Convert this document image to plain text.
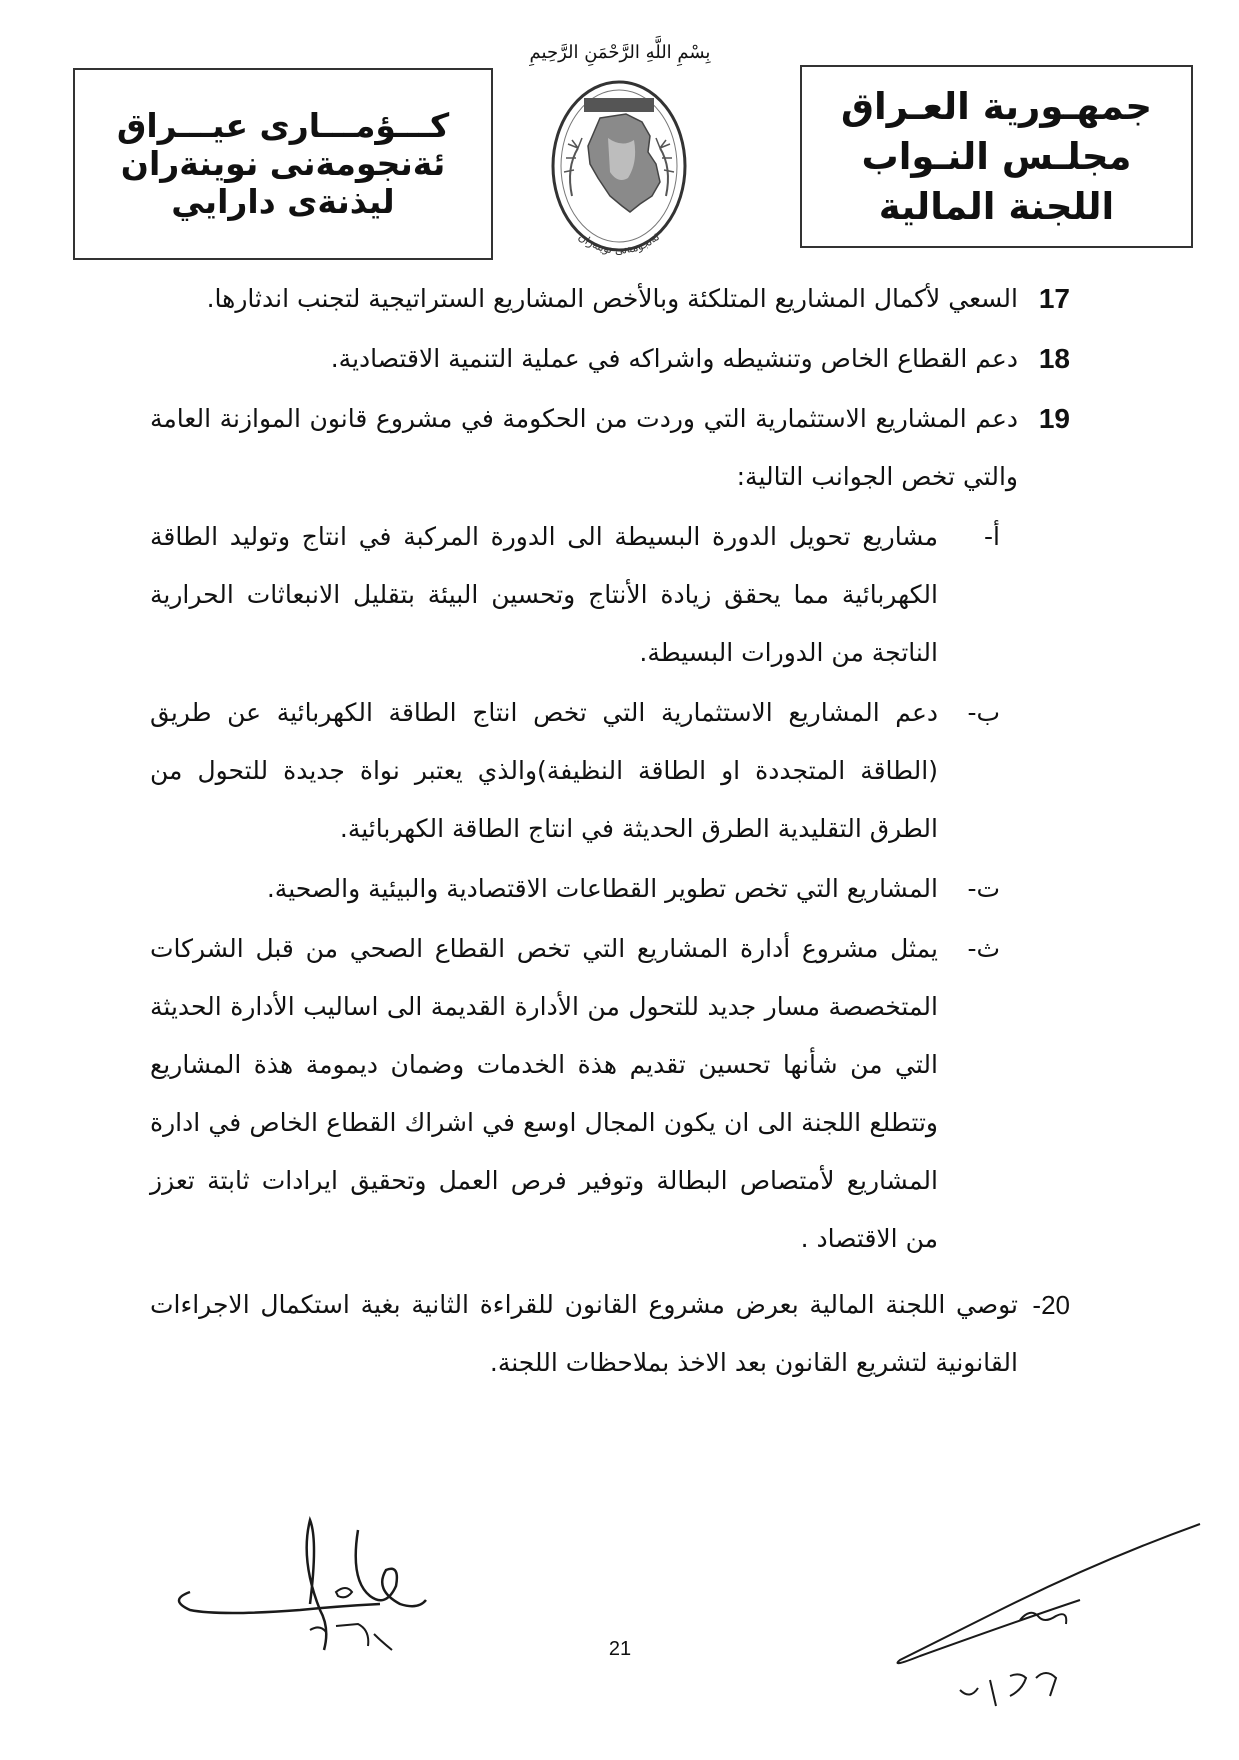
جمهـورية العـراق
مجلـس النـواب
اللجنة المالية
كـــؤمـــارى عيـــراق
ئةنجومةنى نوينةران
ليذنةى دارايي
بِسْمِ اللَّهِ الرَّحْمَنِ الرَّحِيمِ
ئةنجومةنى نوينةران
17
السعي لأكمال المشاريع المتلكئة وبالأخص المشاريع الستراتيجية لتجنب اندثارها.
18
دعم القطاع الخاص وتنشيطه واشراكه في عملية التنمية الاقتصادية.
19
دعم المشاريع الاستثمارية التي وردت من الحكومة في مشروع قانون الموازنة العامة والتي تخص الجوانب التالية:
أ-
مشاريع تحويل الدورة البسيطة الى الدورة المركبة في انتاج وتوليد الطاقة الكهربائية مما يحقق زيادة الأنتاج وتحسين البيئة بتقليل الانبعاثات الحرارية الناتجة من الدورات البسيطة.
ب-
دعم المشاريع الاستثمارية التي تخص انتاج الطاقة الكهربائية عن طريق (الطاقة المتجددة او الطاقة النظيفة)والذي يعتبر نواة جديدة للتحول من الطرق التقليدية الطرق الحديثة في انتاج الطاقة الكهربائية.
ت-
المشاريع التي تخص تطوير القطاعات الاقتصادية والبيئية والصحية.
ث-
يمثل مشروع أدارة المشاريع التي تخص القطاع الصحي من قبل الشركات المتخصصة مسار جديد للتحول من الأدارة القديمة الى اساليب الأدارة الحديثة التي من شأنها تحسين تقديم هذة الخدمات وضمان ديمومة هذة المشاريع وتتطلع اللجنة الى ان يكون المجال اوسع في اشراك القطاع الخاص في ادارة المشاريع لأمتصاص البطالة وتوفير فرص العمل وتحقيق ايرادات ثابتة تعزز من الاقتصاد .
20-
توصي اللجنة المالية بعرض مشروع القانون للقراءة الثانية بغية استكمال الاجراءات القانونية لتشريع القانون بعد الاخذ بملاحظات اللجنة.
21
